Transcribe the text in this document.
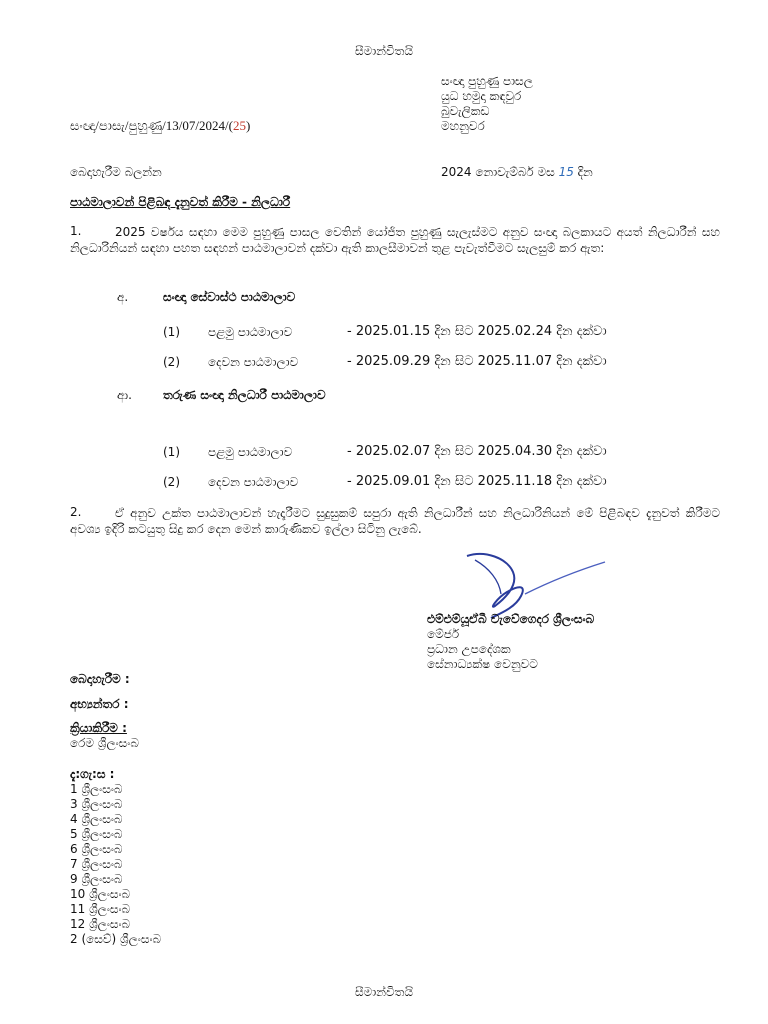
සීමාන්විතයි
සංඥා පුහුණු පාසල
යුධ හමුදා කඳවුර
බුවැලිකඩ
මහනුවර
සංඥා/පාසැ/පුහුණු/13/07/2024/(25)
බෙදාහැරීම බලන්න	2024 නොවැම්බර් මස 15 දින
පාඨමාලාවන් පිළිබඳ දැනුවත් කිරීම - නිලධාරී
1.	2025 වර්ෂය සඳහා මෙම පුහුණු පාසල වෙතින් යෝජිත පුහුණු සැලැස්මට අනුව සංඥා බලකායට අයත් නිලධාරීන් සහ නිලධාරිනියන් සඳහා පහත සඳහන් පාඨමාලාවන් දක්වා ඇති කාලසීමාවන් තුළ පැවැත්වීමට සැලසුම් කර ඇත:
අ.	සංඥා සේවාස්ථ පාඨමාලාව
(1) පළමු පාඨමාලාව	- 2025.01.15 දින සිට 2025.02.24 දින දක්වා
(2) දෙවන පාඨමාලාව	- 2025.09.29 දින සිට 2025.11.07 දින දක්වා
ආ.	තරුණ සංඥා නිලධාරී පාඨමාලාව
(1) පළමු පාඨමාලාව	- 2025.02.07 දින සිට 2025.04.30 දින දක්වා
(2) දෙවන පාඨමාලාව	- 2025.09.01 දින සිට 2025.11.18 දින දක්වා
2.	ඒ අනුව උක්ත පාඨමාලාවන් හැදෑරීමට සුදුසුකම් සපුරා ඇති නිලධාරීන් සහ නිලධාරිනියන් මේ පිළිබඳව දැනුවත් කිරීමට අවශ්‍ය ඉදිරි කටයුතු සිදු කර දෙන මෙන් කාරුණිකව ඉල්ලා සිටිනු ලැබේ.
එම්එම්යූඒබී වැවේගෙදර ශ්‍රීලංසංබ
මේජර්
ප්‍රධාන උපදේශක
සේනාධ්‍යක්ෂ වෙනුවට
බෙදාහැරීම :
අභ්‍යන්තර :
ක්‍රියාකිරීම :
රෙම ශ්‍රීලංසංබ
දැ:ගැ:ස :
1 ශ්‍රීලංසංබ
3 ශ්‍රීලංසංබ
4 ශ්‍රීලංසංබ
5 ශ්‍රීලංසංබ
6 ශ්‍රීලංසංබ
7 ශ්‍රීලංසංබ
9 ශ්‍රීලංසංබ
10 ශ්‍රීලංසංබ
11 ශ්‍රීලංසංබ
12 ශ්‍රීලංසංබ
2 (සෙව්) ශ්‍රීලංසංබ
සීමාන්විතයි
